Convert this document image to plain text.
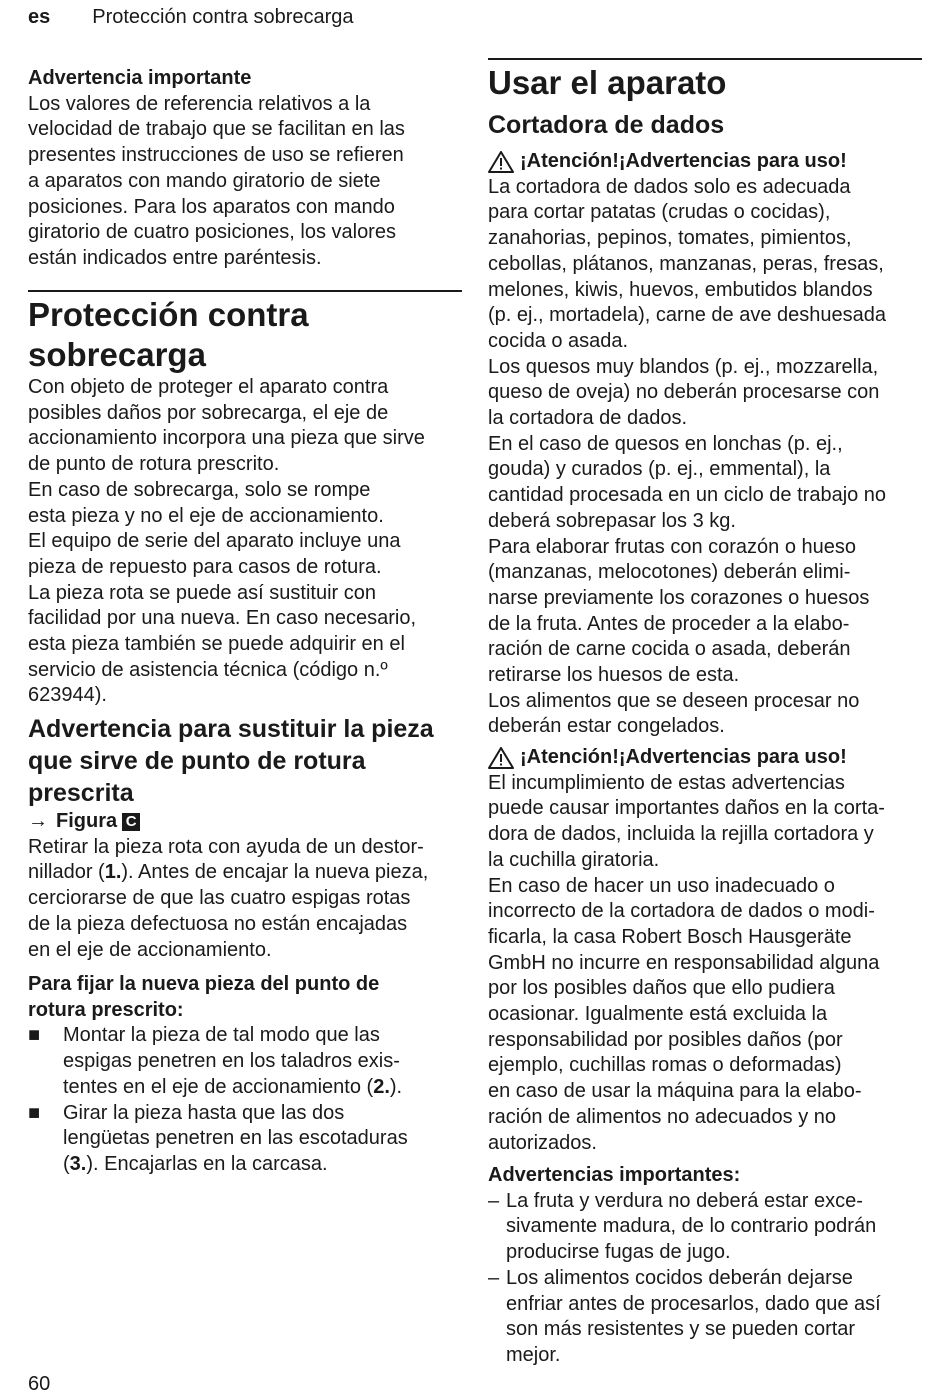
es Protección contra sobrecarga

Advertencia importante

Los valores de referencia relativos a la

velocidad de trabajo que se facilitan en las

presentes instrucciones de uso se refieren

a aparatos con mando giratorio de siete

posiciones. Para los aparatos con mando

giratorio de cuatro posiciones, los valores

están indicados entre paréntesis.

Protección contra

sobrecarga

Con objeto de proteger el aparato contra

posibles daños por sobrecarga, el eje de

accionamiento incorpora una pieza que sirve

de punto de rotura prescrito.

En caso de sobrecarga, solo se rompe

esta pieza y no el eje de accionamiento.

El equipo de serie del aparato incluye una

pieza de repuesto para casos de rotura.

La pieza rota se puede así sustituir con

facilidad por una nueva. En caso necesario,

esta pieza también se puede adquirir en el

servicio de asistencia técnica (código n.º

623944).

Advertencia para sustituir la pieza

que sirve de punto de rotura

prescrita

→ Figura C

Retirar la pieza rota con ayuda de un destor-

nillador (1.). Antes de encajar la nueva pieza,

cerciorarse de que las cuatro espigas rotas

de la pieza defectuosa no están encajadas

en el eje de accionamiento.

Para fijar la nueva pieza del punto de

rotura prescrito:

■	Montar la pieza de tal modo que las

espigas penetren en los taladros exis-

tentes en el eje de accionamiento (2.).

■	Girar la pieza hasta que las dos

lengüetas penetren en las escotaduras

(3.). Encajarlas en la carcasa.

Usar el aparato

Cortadora de dados

¡Atención!¡Advertencias para uso!

La cortadora de dados solo es adecuada

para cortar patatas (crudas o cocidas),

zanahorias, pepinos, tomates, pimientos,

cebollas, plátanos, manzanas, peras, fresas,

melones, kiwis, huevos, embutidos blandos

(p. ej., mortadela), carne de ave deshuesada

cocida o asada.

Los quesos muy blandos (p. ej., mozzarella,

queso de oveja) no deberán procesarse con

la cortadora de dados.

En el caso de quesos en lonchas (p. ej.,

gouda) y curados (p. ej., emmental), la

cantidad procesada en un ciclo de trabajo no

deberá sobrepasar los 3 kg.

Para elaborar frutas con corazón o hueso

(manzanas, melocotones) deberán elimi-

narse previamente los corazones o huesos

de la fruta. Antes de proceder a la elabo-

ración de carne cocida o asada, deberán

retirarse los huesos de esta.

Los alimentos que se deseen procesar no

deberán estar congelados.

¡Atención!¡Advertencias para uso!

El incumplimiento de estas advertencias

puede causar importantes daños en la corta-

dora de dados, incluida la rejilla cortadora y

la cuchilla giratoria.

En caso de hacer un uso inadecuado o

incorrecto de la cortadora de dados o modi-

ficarla, la casa Robert Bosch Hausgeräte

GmbH no incurre en responsabilidad alguna

por los posibles daños que ello pudiera

ocasionar. Igualmente está excluida la

responsabilidad por posibles daños (por

ejemplo, cuchillas romas o deformadas)

en caso de usar la máquina para la elabo-

ración de alimentos no adecuados y no

autorizados.

Advertencias importantes:

– La fruta y verdura no deberá estar exce-

sivamente madura, de lo contrario podrán

producirse fugas de jugo.

– Los alimentos cocidos deberán dejarse

enfriar antes de procesarlos, dado que así

son más resistentes y se pueden cortar

mejor.

60
